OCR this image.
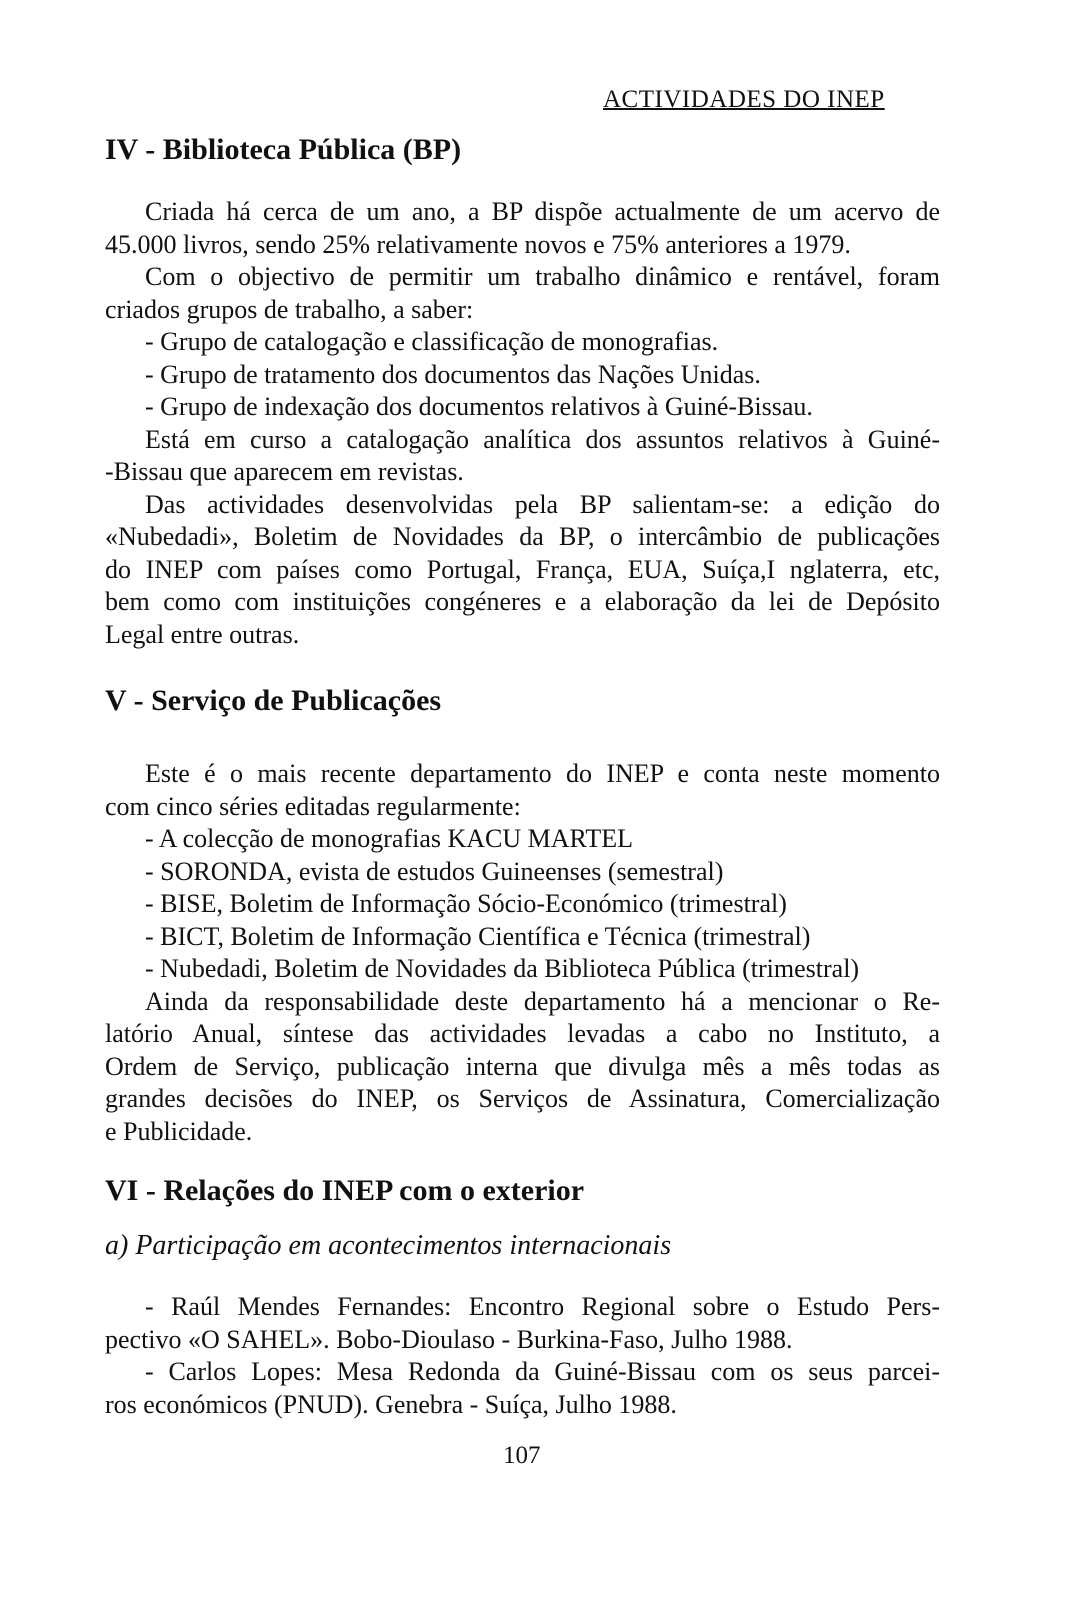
ACTIVIDADES DO INEP
IV - Biblioteca Pública (BP)
Criada há cerca de um ano, a BP dispõe actualmente de um acervo de
45.000 livros, sendo 25% relativamente novos e 75% anteriores a 1979.
Com o objectivo de permitir um trabalho dinâmico e rentável, foram
criados grupos de trabalho, a saber:
- Grupo de catalogação e classificação de monografias.
- Grupo de tratamento dos documentos das Nações Unidas.
- Grupo de indexação dos documentos relativos à Guiné-Bissau.
Está em curso a catalogação analítica dos assuntos relativos à Guiné-
-Bissau que aparecem em revistas.
Das actividades desenvolvidas pela BP salientam-se: a edição do
«Nubedadi», Boletim de Novidades da BP, o intercâmbio de publicações
do INEP com países como Portugal, França, EUA, Suíça,I nglaterra, etc,
bem como com instituições congéneres e a elaboração da lei de Depósito
Legal entre outras.
V - Serviço de Publicações
Este é o mais recente departamento do INEP e conta neste momento
com cinco séries editadas regularmente:
- A colecção de monografias KACU MARTEL
- SORONDA, evista de estudos Guineenses (semestral)
- BISE, Boletim de Informação Sócio-Económico (trimestral)
- BICT, Boletim de Informação Científica e Técnica (trimestral)
- Nubedadi, Boletim de Novidades da Biblioteca Pública (trimestral)
Ainda da responsabilidade deste departamento há a mencionar o Re-
latório Anual, síntese das actividades levadas a cabo no Instituto, a
Ordem de Serviço, publicação interna que divulga mês a mês todas as
grandes decisões do INEP, os Serviços de Assinatura, Comercialização
e Publicidade.
VI - Relações do INEP com o exterior
a) Participação em acontecimentos internacionais
- Raúl Mendes Fernandes: Encontro Regional sobre o Estudo Pers-
pectivo «O SAHEL». Bobo-Dioulaso - Burkina-Faso, Julho 1988.
- Carlos Lopes: Mesa Redonda da Guiné-Bissau com os seus parcei-
ros económicos (PNUD). Genebra - Suíça, Julho 1988.
107
